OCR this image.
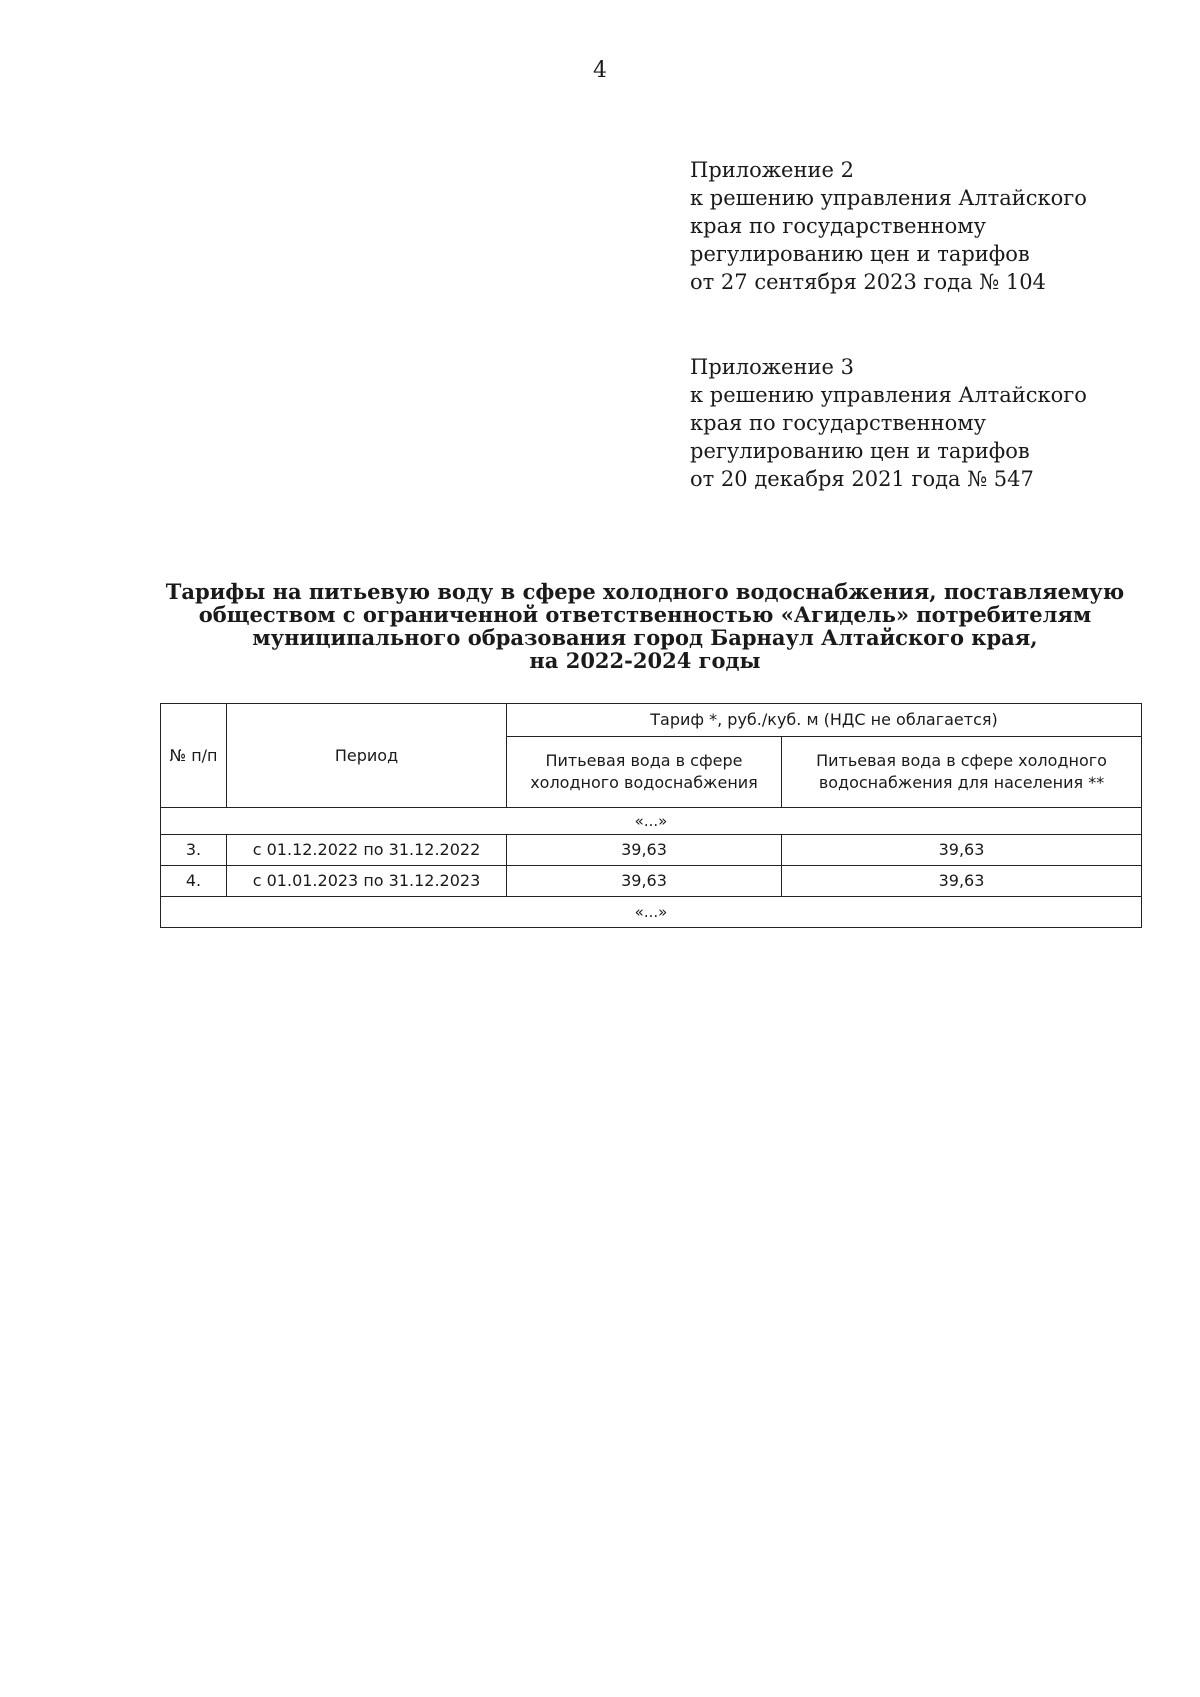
4
Приложение 2
к решению управления Алтайского
края по государственному
регулированию цен и тарифов
от 27 сентября 2023 года № 104
Приложение 3
к решению управления Алтайского
края по государственному
регулированию цен и тарифов
от 20 декабря 2021 года № 547
Тарифы на питьевую воду в сфере холодного водоснабжения, поставляемую
обществом с ограниченной ответственностью «Агидель» потребителям
муниципального образования город Барнаул Алтайского края,
на 2022-2024 годы
№ п/п	Период	Тариф *, руб./куб. м (НДС не облагается)	
		Питьевая вода в сфере холодного водоснабжения	Питьевая вода в сфере холодного водоснабжения для населения **
«...»			
3.	с 01.12.2022 по 31.12.2022	39,63	39,63
4.	с 01.01.2023 по 31.12.2023	39,63	39,63
«...»			
